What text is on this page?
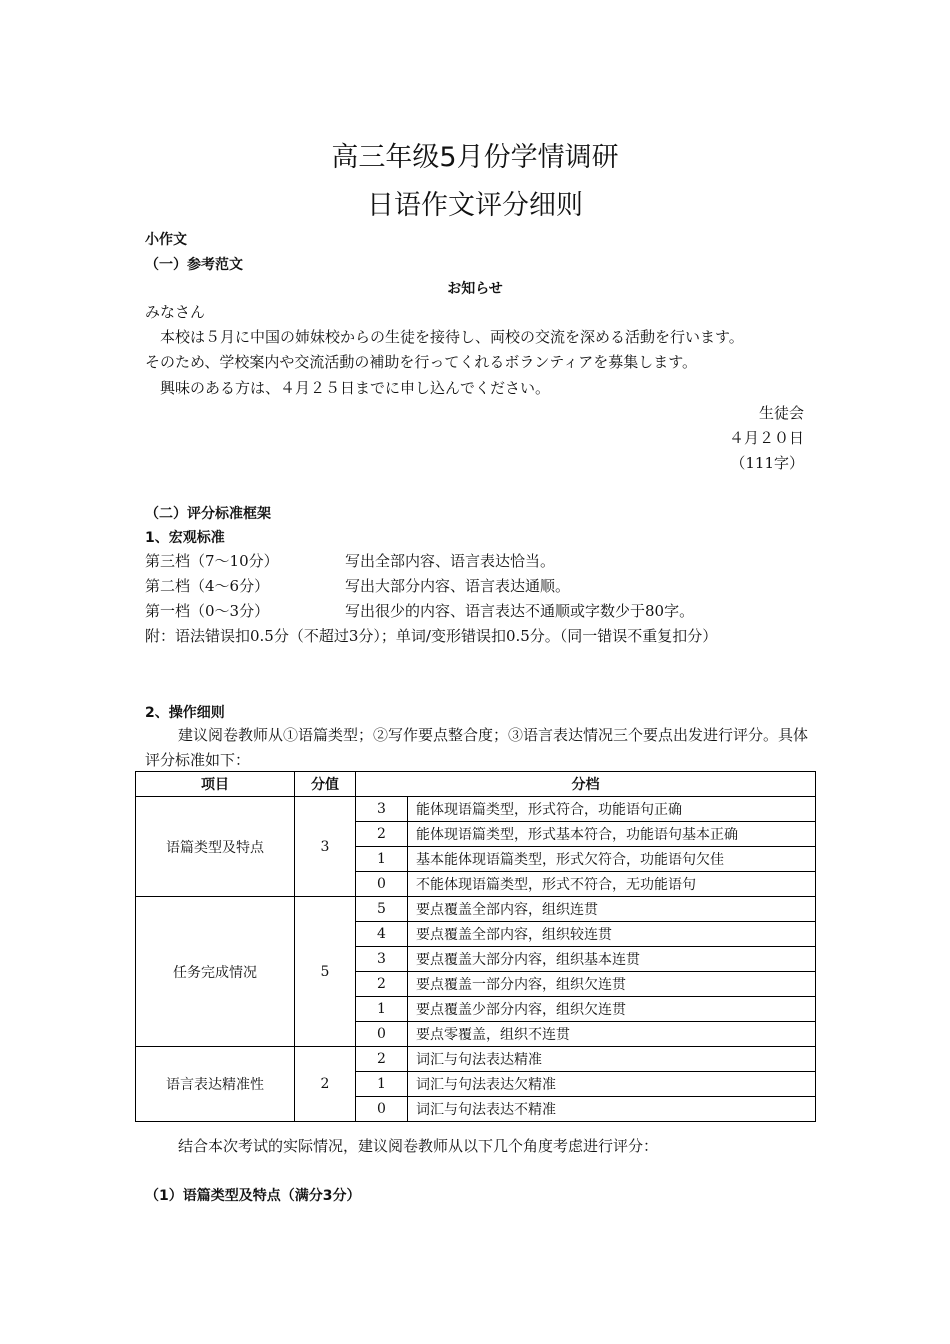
高三年级5月份学情调研
日语作文评分细则
小作文
（一）参考范文
お知らせ
みなさん
　本校は５月に中国の姉妹校からの生徒を接待し、両校の交流を深める活動を行います。
そのため、学校案内や交流活動の補助を行ってくれるボランティアを募集します。
　興味のある方は、４月２５日までに申し込んでください。
生徒会
４月２０日
（111字）
（二）评分标准框架
1、宏观标准
第三档（7～10分）	写出全部内容、语言表达恰当。
第二档（4～6分）	写出大部分内容、语言表达通顺。
第一档（0～3分）	写出很少的内容、语言表达不通顺或字数少于80字。
附：语法错误扣0.5分（不超过3分）；单词/变形错误扣0.5分。（同一错误不重复扣分）
2、操作细则
建议阅卷教师从①语篇类型；②写作要点整合度；③语言表达情况三个要点出发进行评分。具体评分标准如下：
项目	分值	分档	
语篇类型及特点	3	3	能体现语篇类型，形式符合，功能语句正确
		2	能体现语篇类型，形式基本符合，功能语句基本正确
		1	基本能体现语篇类型，形式欠符合，功能语句欠佳
		0	不能体现语篇类型，形式不符合，无功能语句
任务完成情况	5	5	要点覆盖全部内容，组织连贯
		4	要点覆盖全部内容，组织较连贯
		3	要点覆盖大部分内容，组织基本连贯
		2	要点覆盖一部分内容，组织欠连贯
		1	要点覆盖少部分内容，组织欠连贯
		0	要点零覆盖，组织不连贯
语言表达精准性	2	2	词汇与句法表达精准
		1	词汇与句法表达欠精准
		0	词汇与句法表达不精准
结合本次考试的实际情况，建议阅卷教师从以下几个角度考虑进行评分：
（1）语篇类型及特点（满分3分）
